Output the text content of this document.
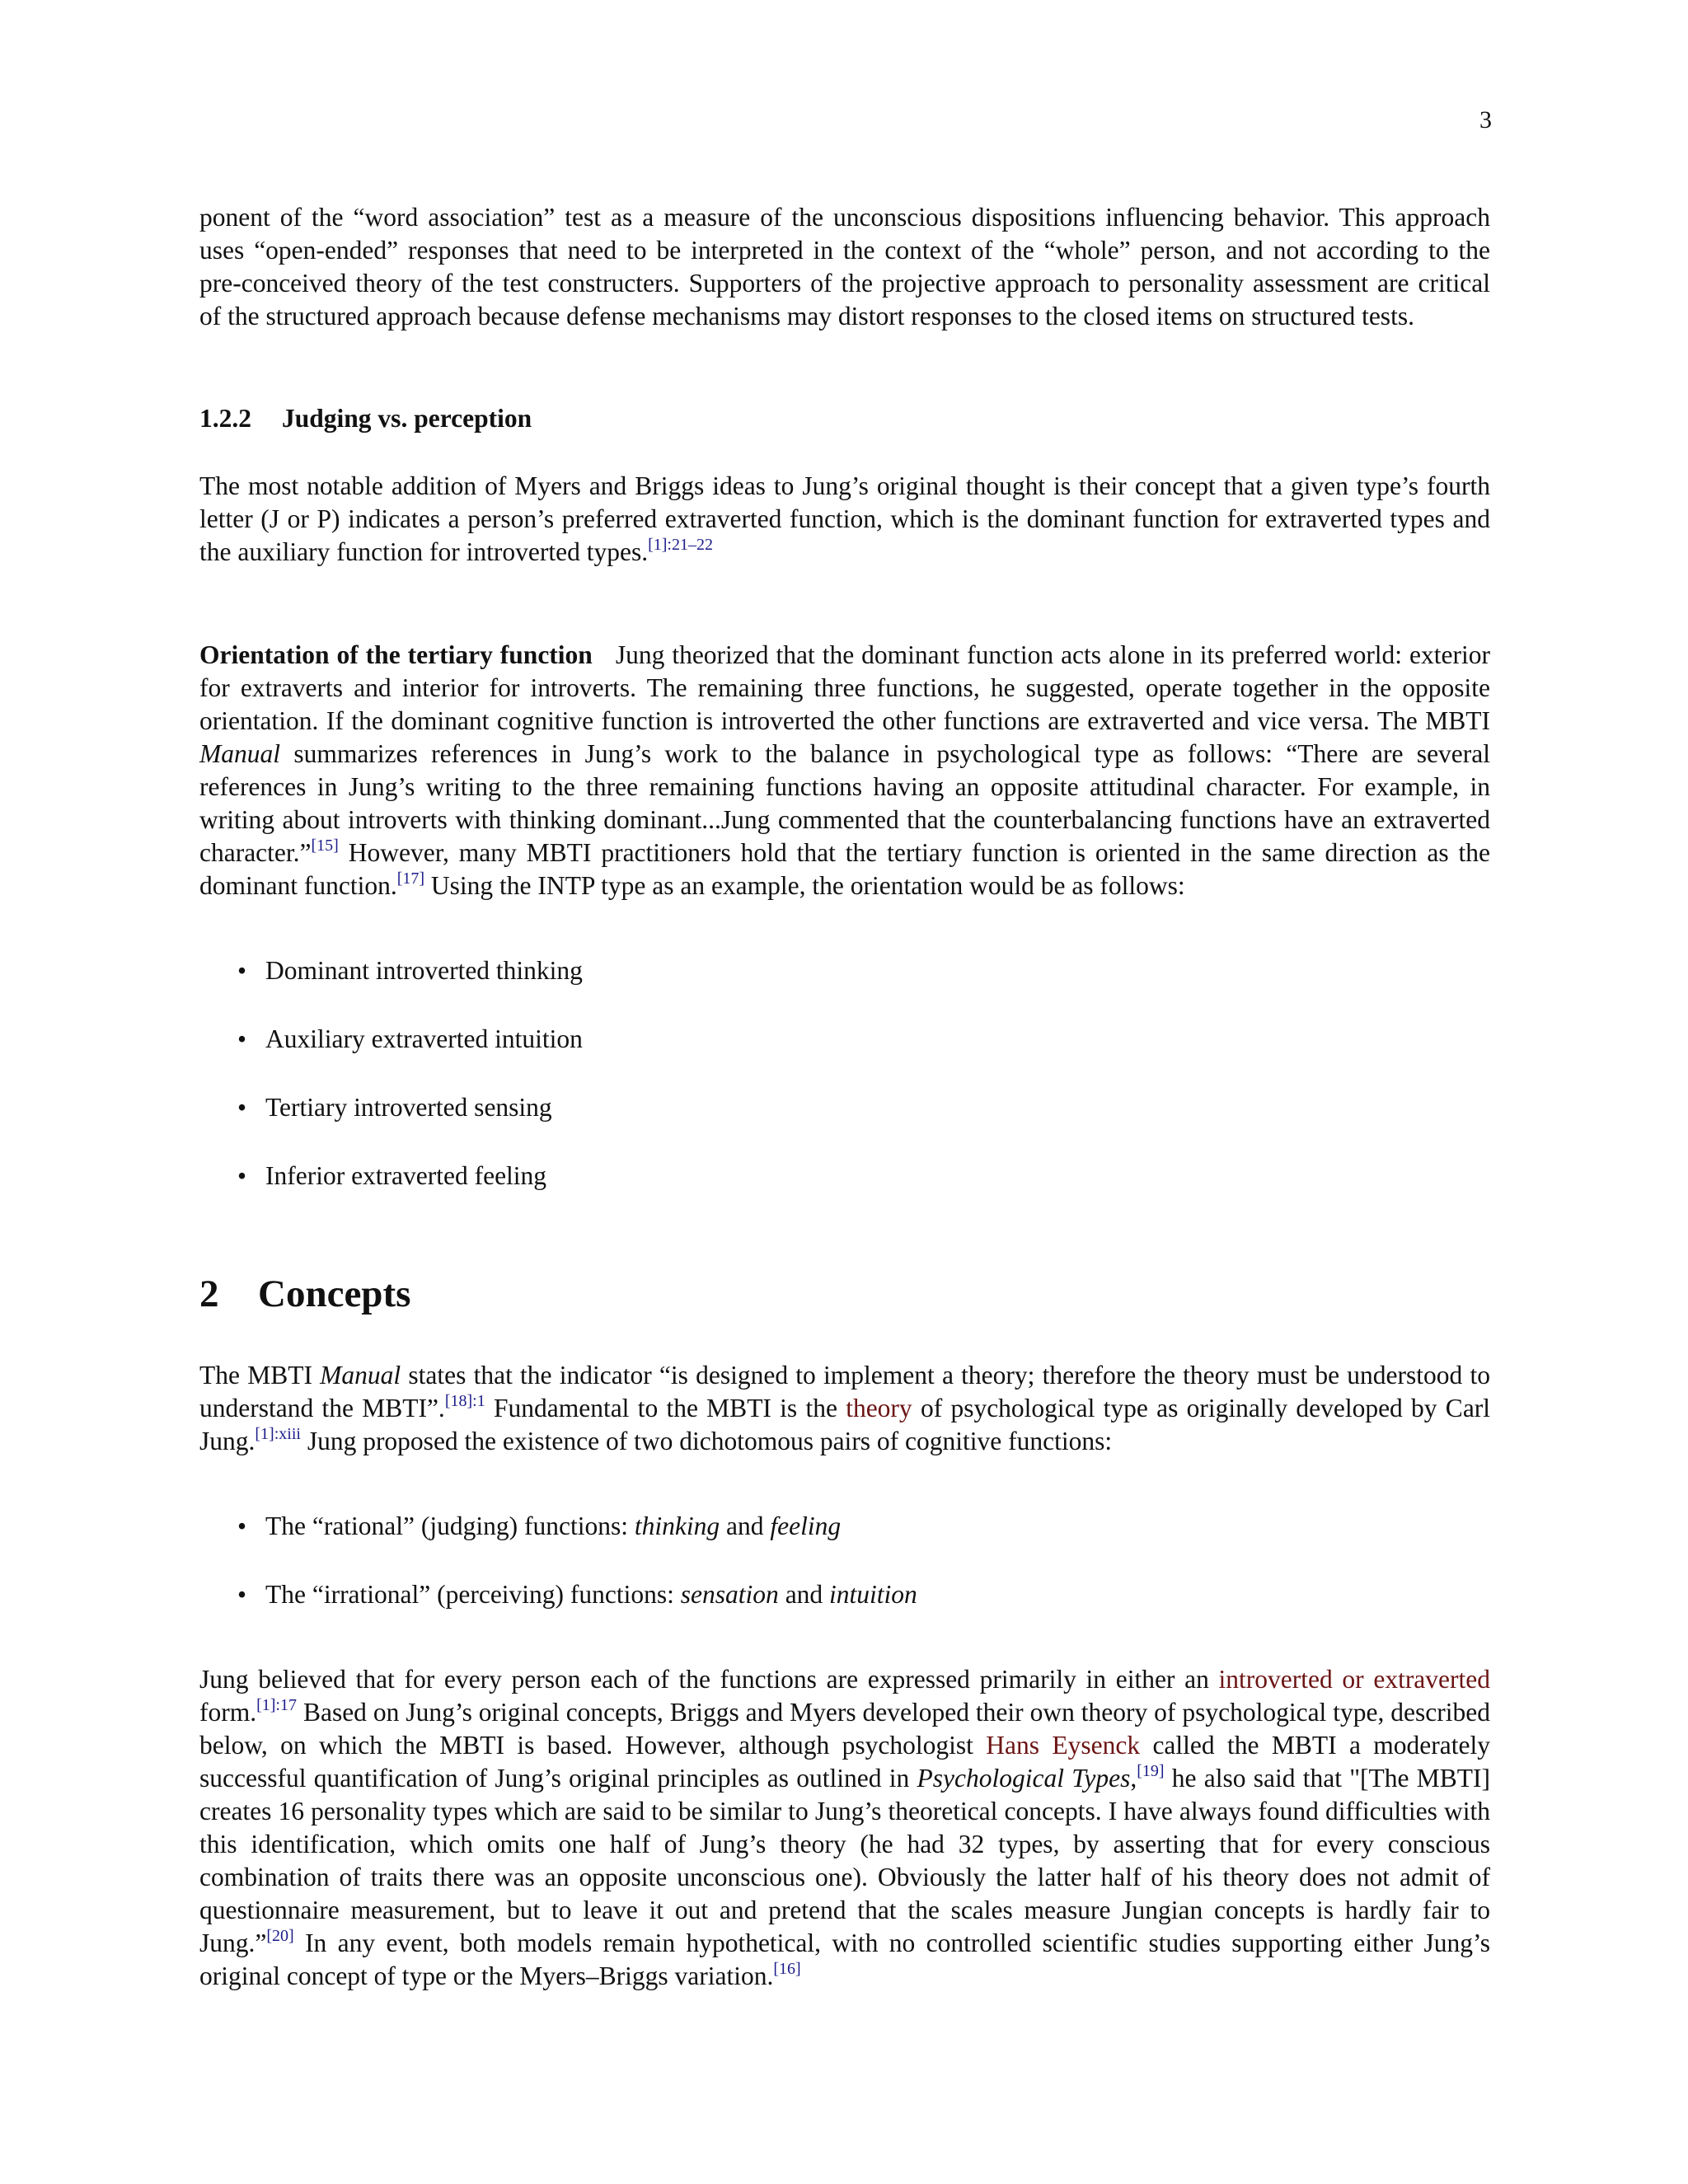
3

ponent of the “word association” test as a measure of the unconscious dispositions influencing behavior. This approach

uses “open-ended” responses that need to be interpreted in the context of the “whole” person, and not according to the

pre-conceived theory of the test constructers. Supporters of the projective approach to personality assessment are critical

of the structured approach because defense mechanisms may distort responses to the closed items on structured tests.

1.2.2 Judging vs. perception

The most notable addition of Myers and Briggs ideas to Jung’s original thought is their concept that a given type’s fourth letter (J or P) indicates a person’s preferred extraverted function, which is the dominant function for extraverted types and the auxiliary function for introverted types.$^{[1]:21-22}$

Orientation of the tertiary function Jung theorized that the dominant function acts alone in its preferred world: exterior for extraverts and interior for introverts. The remaining three functions, he suggested, operate together in the opposite orientation. If the dominant cognitive function is introverted the other functions are extraverted and vice versa. The MBTI Manual summarizes references in Jung’s work to the balance in psychological type as follows: “There are several references in Jung’s writing to the three remaining functions having an opposite attitudinal character. For example, in writing about introverts with thinking dominant...Jung commented that the counterbalancing functions have an extraverted character.”[15] However, many MBTI practitioners hold that the tertiary function is oriented in the same direction as the dominant function.[17] Using the INTP type as an example, the orientation would be as follows:

• Dominant introverted thinking
• Auxiliary extraverted intuition
• Tertiary introverted sensing
• Inferior extraverted feeling
2 Concepts

The MBTI Manual states that the indicator “is designed to implement a theory; therefore the theory must be understood to understand the MBTI”.$^{[18]:1}$ Fundamental to the MBTI is the theory of psychological type as originally developed by Carl Jung.$^{[1]:xiii}$ Jung proposed the existence of two dichotomous pairs of cognitive functions:

• The “rational” (judging) functions: thinking and feeling
• The “irrational” (perceiving) functions: sensation and intuition

Jung believed that for every person each of the functions are expressed primarily in either an introverted or extraverted form.$^{[1]:17}$ Based on Jung’s original concepts, Briggs and Myers developed their own theory of psychological type, described below, on which the MBTI is based. However, although psychologist Hans Eysenck called the MBTI a moderately successful quantification of Jung’s original principles as outlined in Psychological Types,[19] he also said that "[The MBTI] creates 16 personality types which are said to be similar to Jung’s theoretical concepts. I have always found difficulties with this identification, which omits one half of Jung’s theory (he had 32 types, by asserting that for every conscious combination of traits there was an opposite unconscious one). Obviously the latter half of his theory does not admit of questionnaire measurement, but to leave it out and pretend that the scales measure Jungian concepts is hardly fair to Jung.”[20] In any event, both models remain hypothetical, with no controlled scientific studies supporting either Jung’s original concept of type or the Myers–Briggs variation.[16]
